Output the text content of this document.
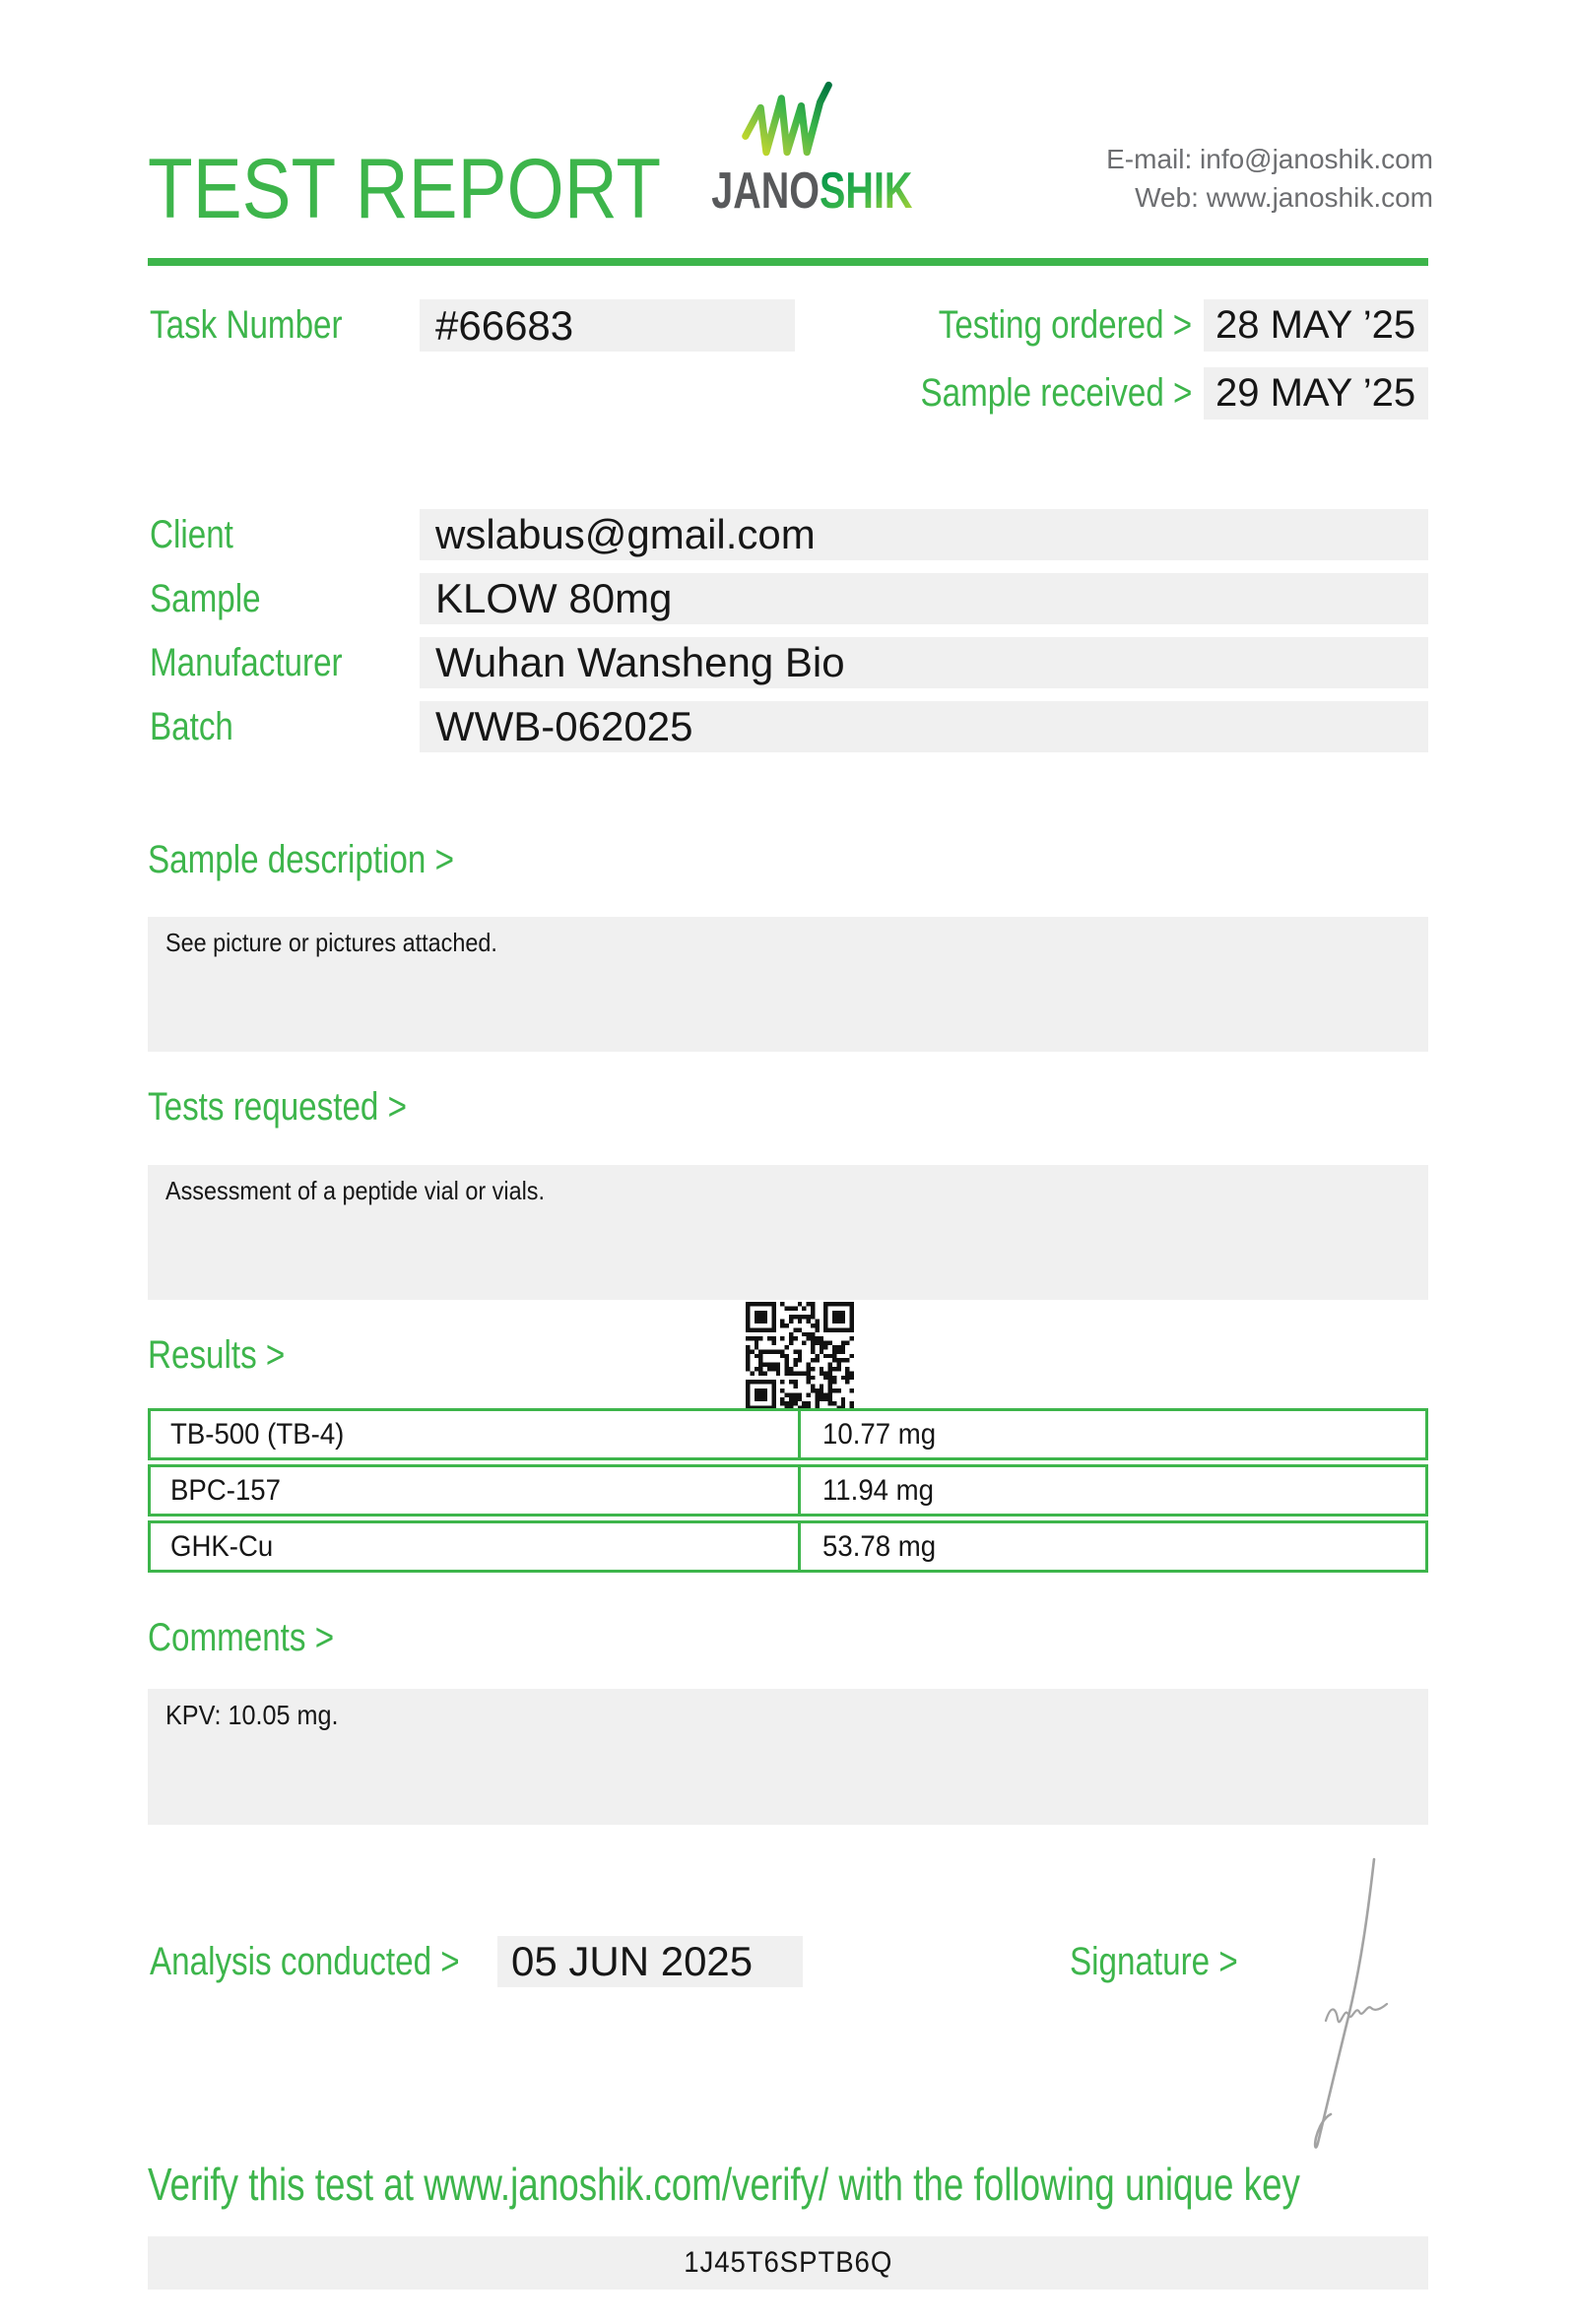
TEST REPORT JANOSHIK
E-mail: info@janoshik.com
Web: www.janoshik.com
Task Number #66683	Testing ordered > 28 MAY ’25
Sample received > 29 MAY ’25
Client	wslabus@gmail.com
Sample	KLOW 80mg
Manufacturer Wuhan Wansheng Bio
Batch	WWB-062025
Sample description >
See picture or pictures attached.
Tests requested >
Assessment of a peptide vial or vials.
Results >
TB-500 (TB-4)	10.77 mg
BPC-157	11.94 mg
GHK-Cu	53.78 mg
Comments >
KPV: 10.05 mg.
Analysis conducted > 05 JUN 2025	Signature >
Verify this test at www.janoshik.com/verify/ with the following unique key
1J45T6SPTB6Q
